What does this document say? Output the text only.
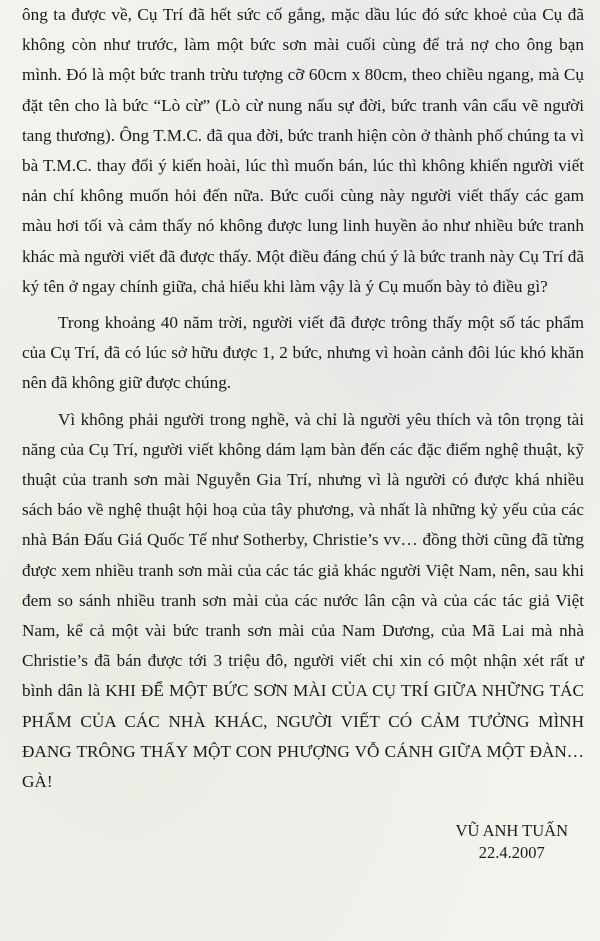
ông ta được về, Cụ Trí đã hết sức cố gắng, mặc dầu lúc đó sức khoẻ của Cụ đã không còn như trước, làm một bức sơn mài cuối cùng để trả nợ cho ông bạn mình. Đó là một bức tranh trừu tượng cỡ 60cm x 80cm, theo chiều ngang, mà Cụ đặt tên cho là bức “Lò cừ” (Lò cừ nung nấu sự đời, bức tranh vân cẩu vẽ người tang thương). Ông T.M.C. đã qua đời, bức tranh hiện còn ở thành phố chúng ta vì bà T.M.C. thay đổi ý kiến hoài, lúc thì muốn bán, lúc thì không khiến người viết nản chí không muốn hỏi đến nữa. Bức cuối cùng này người viết thấy các gam màu hơi tối và cảm thấy nó không được lung linh huyền ảo như nhiều bức tranh khác mà người viết đã được thấy. Một điều đáng chú ý là bức tranh này Cụ Trí đã ký tên ở ngay chính giữa, chả hiểu khi làm vậy là ý Cụ muốn bày tỏ điều gì?

Trong khoảng 40 năm trời, người viết đã được trông thấy một số tác phẩm của Cụ Trí, đã có lúc sở hữu được 1, 2 bức, nhưng vì hoàn cảnh đôi lúc khó khăn nên đã không giữ được chúng.

Vì không phải người trong nghề, và chỉ là người yêu thích và tôn trọng tài năng của Cụ Trí, người viết không dám lạm bàn đến các đặc điểm nghệ thuật, kỹ thuật của tranh sơn mài Nguyễn Gia Trí, nhưng vì là người có được khá nhiều sách báo về nghệ thuật hội hoạ của tây phương, và nhất là những kỷ yếu của các nhà Bán Đấu Giá Quốc Tế như Sotherby, Christie’s vv… đồng thời cũng đã từng được xem nhiều tranh sơn mài của các tác giả khác người Việt Nam, nên, sau khi đem so sánh nhiều tranh sơn mài của các nước lân cận và của các tác giả Việt Nam, kể cả một vài bức tranh sơn mài của Nam Dương, của Mã Lai mà nhà Christie’s đã bán được tới 3 triệu đô, người viết chi xin có một nhận xét rất ư bình dân là KHI ĐỂ MỘT BỨC SƠN MÀI CỦA CỤ TRÍ GIỮA NHỮNG TÁC PHẨM CỦA CÁC NHÀ KHÁC, NGƯỜI VIẾT CÓ CẢM TƯỞNG MÌNH ĐANG TRÔNG THẤY MỘT CON PHƯỢNG VỖ CÁNH GIỮA MỘT ĐÀN…GÀ!

VŨ ANH TUẤN
22.4.2007
